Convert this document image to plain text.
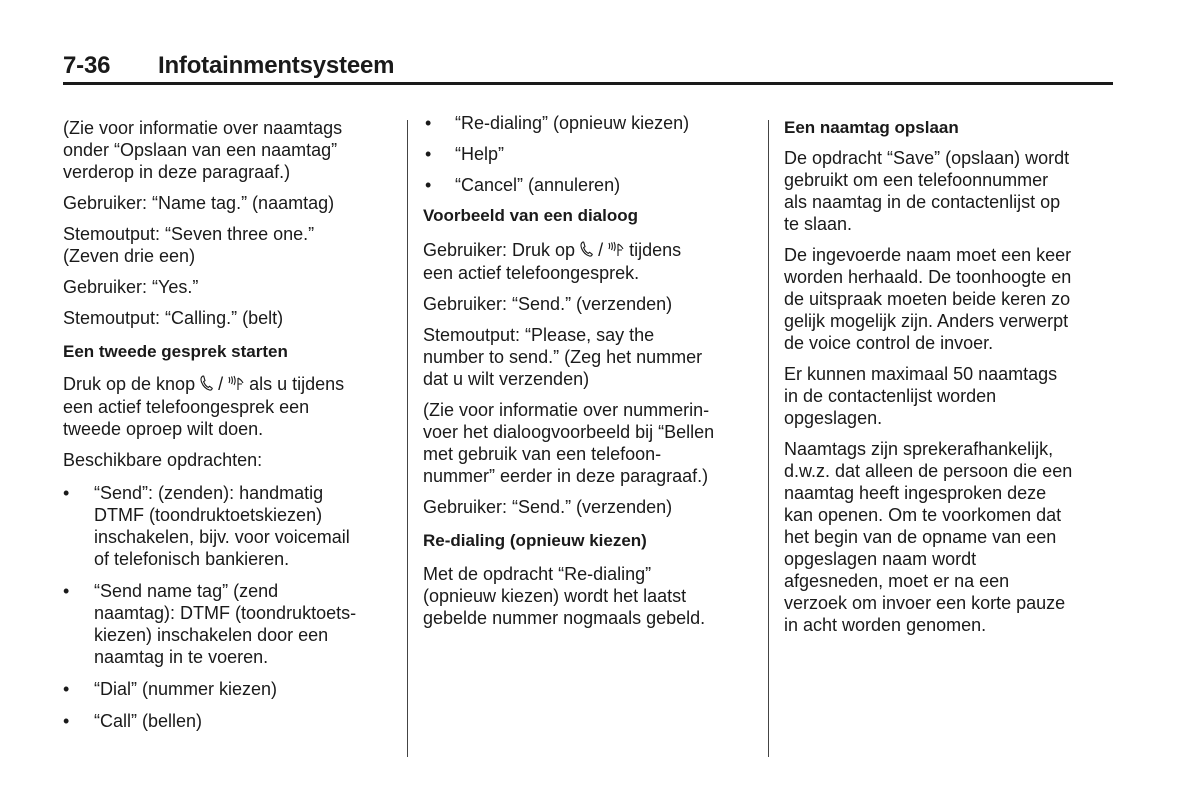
7-36 Infotainmentsysteem

(Zie voor informatie over naamtags
onder “Opslaan van een naamtag”
verderop in deze paragraaf.)

Gebruiker: “Name tag.” (naamtag)

Stemoutput: “Seven three one.”
(Zeven drie een)

Gebruiker: “Yes.”

Stemoutput: “Calling.” (belt)

Een tweede gesprek starten

Druk op de knop  /  als u tijdens
een actief telefoongesprek een
tweede oproep wilt doen.

Beschikbare opdrachten:

• “Send”: (zenden): handmatig
DTMF (toondruktoetskiezen)
inschakelen, bijv. voor voicemail
of telefonisch bankieren.
• “Send name tag” (zend
naamtag): DTMF (toondruktoets-
kiezen) inschakelen door een
naamtag in te voeren.
• “Dial” (nummer kiezen)
• “Call” (bellen)
• “Re-dialing” (opnieuw kiezen)
• “Help”
• “Cancel” (annuleren)
Voorbeeld van een dialoog

Gebruiker: Druk op  /  tijdens
een actief telefoongesprek.

Gebruiker: “Send.” (verzenden)

Stemoutput: “Please, say the
number to send.” (Zeg het nummer
dat u wilt verzenden)

(Zie voor informatie over nummerin-
voer het dialoogvoorbeeld bij “Bellen
met gebruik van een telefoon-
nummer” eerder in deze paragraaf.)

Gebruiker: “Send.” (verzenden)

Re-dialing (opnieuw kiezen)

Met de opdracht “Re-dialing”
(opnieuw kiezen) wordt het laatst
gebelde nummer nogmaals gebeld.

Een naamtag opslaan

De opdracht “Save” (opslaan) wordt
gebruikt om een telefoonnummer
als naamtag in de contactenlijst op
te slaan.

De ingevoerde naam moet een keer
worden herhaald. De toonhoogte en
de uitspraak moeten beide keren zo
gelijk mogelijk zijn. Anders verwerpt
de voice control de invoer.

Er kunnen maximaal 50 naamtags
in de contactenlijst worden
opgeslagen.

Naamtags zijn sprekerafhankelijk,
d.w.z. dat alleen de persoon die een
naamtag heeft ingesproken deze
kan openen. Om te voorkomen dat
het begin van de opname van een
opgeslagen naam wordt
afgesneden, moet er na een
verzoek om invoer een korte pauze
in acht worden genomen.
